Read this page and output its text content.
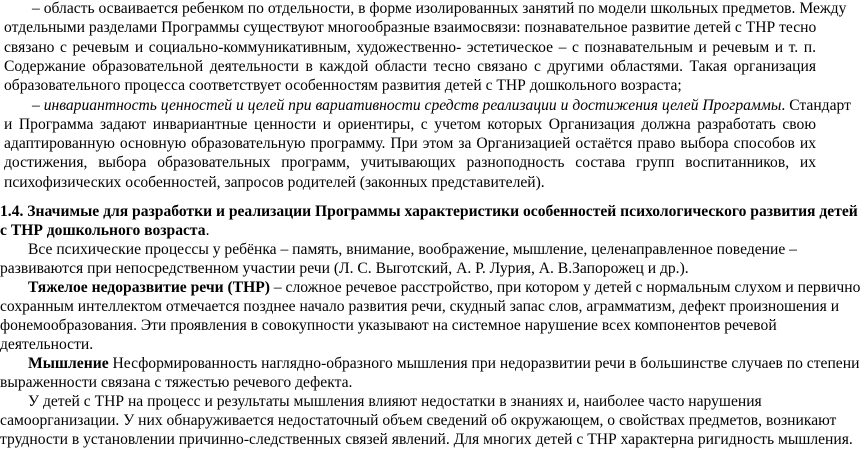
– область осваивается ребенком по отдельности, в форме изолированных занятий по модели школьных предметов. Между
отдельными разделами Программы существуют многообразные взаимосвязи: познавательное развитие детей с ТНР тесно
связано с речевым и социально-коммуникативным, художественно- эстетическое – с познавательным и речевым и т. п.
Содержание образовательной деятельности в каждой области тесно связано с другими областями. Такая организация
образовательного процесса соответствует особенностям развития детей с ТНР дошкольного возраста;
– инвариантность ценностей и целей при вариативности средств реализации и достижения целей Программы. Стандарт
и Программа задают инвариантные ценности и ориентиры, с учетом которых Организация должна разработать свою
адаптированную основную образовательную программу. При этом за Организацией остаётся право выбора способов их
достижения, выбора образовательных программ, учитывающих разноподность состава групп воспитанников, их
психофизических особенностей, запросов родителей (законных представителей).
1.4. Значимые для разработки и реализации Программы характеристики особенностей психологического развития детей
с ТНР дошкольного возраста.
Все психические процессы у ребёнка – память, внимание, воображение, мышление, целенаправленное поведение –
развиваются при непосредственном участии речи (Л. С. Выготский, А. Р. Лурия, А. В.Запорожец и др.).
Тяжелое недоразвитие речи (ТНР) – сложное речевое расстройство, при котором у детей с нормальным слухом и первично
сохранным интеллектом отмечается позднее начало развития речи, скудный запас слов, аграмматизм, дефект произношения и
фонемообразования. Эти проявления в совокупности указывают на системное нарушение всех компонентов речевой
деятельности.
Мышление Несформированность наглядно-образного мышления при недоразвитии речи в большинстве случаев по степени
выраженности связана с тяжестью речевого дефекта.
У детей с ТНР на процесс и результаты мышления влияют недостатки в знаниях и, наиболее часто нарушения
самоорганизации. У них обнаруживается недостаточный объем сведений об окружающем, о свойствах предметов, возникают
трудности в установлении причинно-следственных связей явлений. Для многих детей с ТНР характерна ригидность мышления.
